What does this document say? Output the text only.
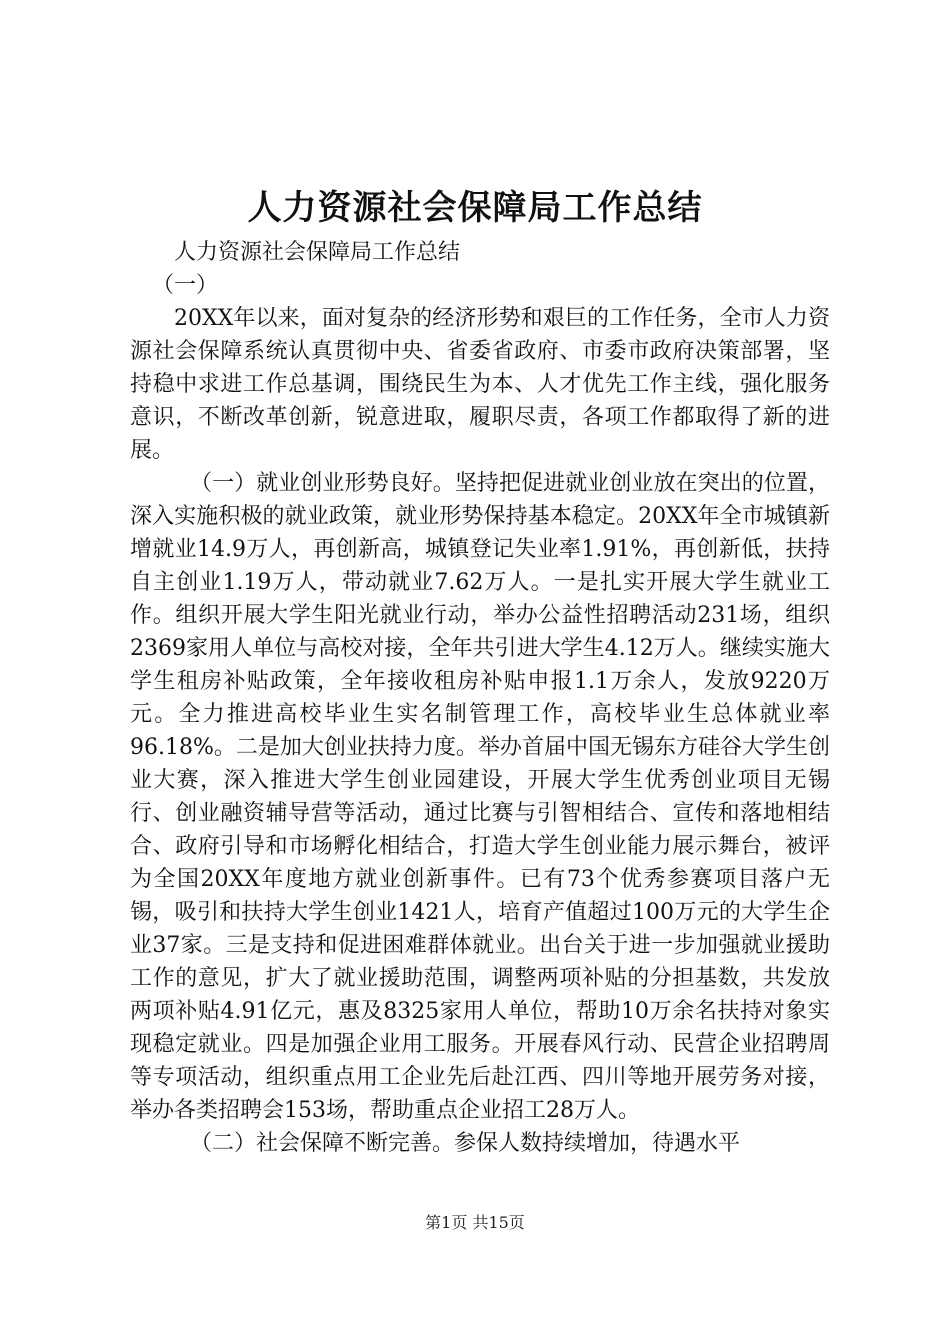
人力资源社会保障局工作总结

人力资源社会保障局工作总结

（一）

20XX年以来，面对复杂的经济形势和艰巨的工作任务，全市人力资源社会保障系统认真贯彻中央、省委省政府、市委市政府决策部署，坚持稳中求进工作总基调，围绕民生为本、人才优先工作主线，强化服务意识，不断改革创新，锐意进取，履职尽责，各项工作都取得了新的进展。

（一）就业创业形势良好。坚持把促进就业创业放在突出的位置，深入实施积极的就业政策，就业形势保持基本稳定。20XX年全市城镇新增就业14.9万人，再创新高，城镇登记失业率1.91%，再创新低，扶持自主创业1.19万人，带动就业7.62万人。一是扎实开展大学生就业工作。组织开展大学生阳光就业行动，举办公益性招聘活动231场，组织2369家用人单位与高校对接，全年共引进大学生4.12万人。继续实施大学生租房补贴政策，全年接收租房补贴申报1.1万余人，发放9220万元。全力推进高校毕业生实名制管理工作，高校毕业生总体就业率96.18%。二是加大创业扶持力度。举办首届中国无锡东方硅谷大学生创业大赛，深入推进大学生创业园建设，开展大学生优秀创业项目无锡行、创业融资辅导营等活动，通过比赛与引智相结合、宣传和落地相结合、政府引导和市场孵化相结合，打造大学生创业能力展示舞台，被评为全国20XX年度地方就业创新事件。已有73个优秀参赛项目落户无锡，吸引和扶持大学生创业1421人，培育产值超过100万元的大学生企业37家。三是支持和促进困难群体就业。出台关于进一步加强就业援助工作的意见，扩大了就业援助范围，调整两项补贴的分担基数，共发放两项补贴4.91亿元，惠及8325家用人单位，帮助10万余名扶持对象实现稳定就业。四是加强企业用工服务。开展春风行动、民营企业招聘周等专项活动，组织重点用工企业先后赴江西、四川等地开展劳务对接，举办各类招聘会153场，帮助重点企业招工28万人。

（二）社会保障不断完善。参保人数持续增加，待遇水平

第1页 共15页
